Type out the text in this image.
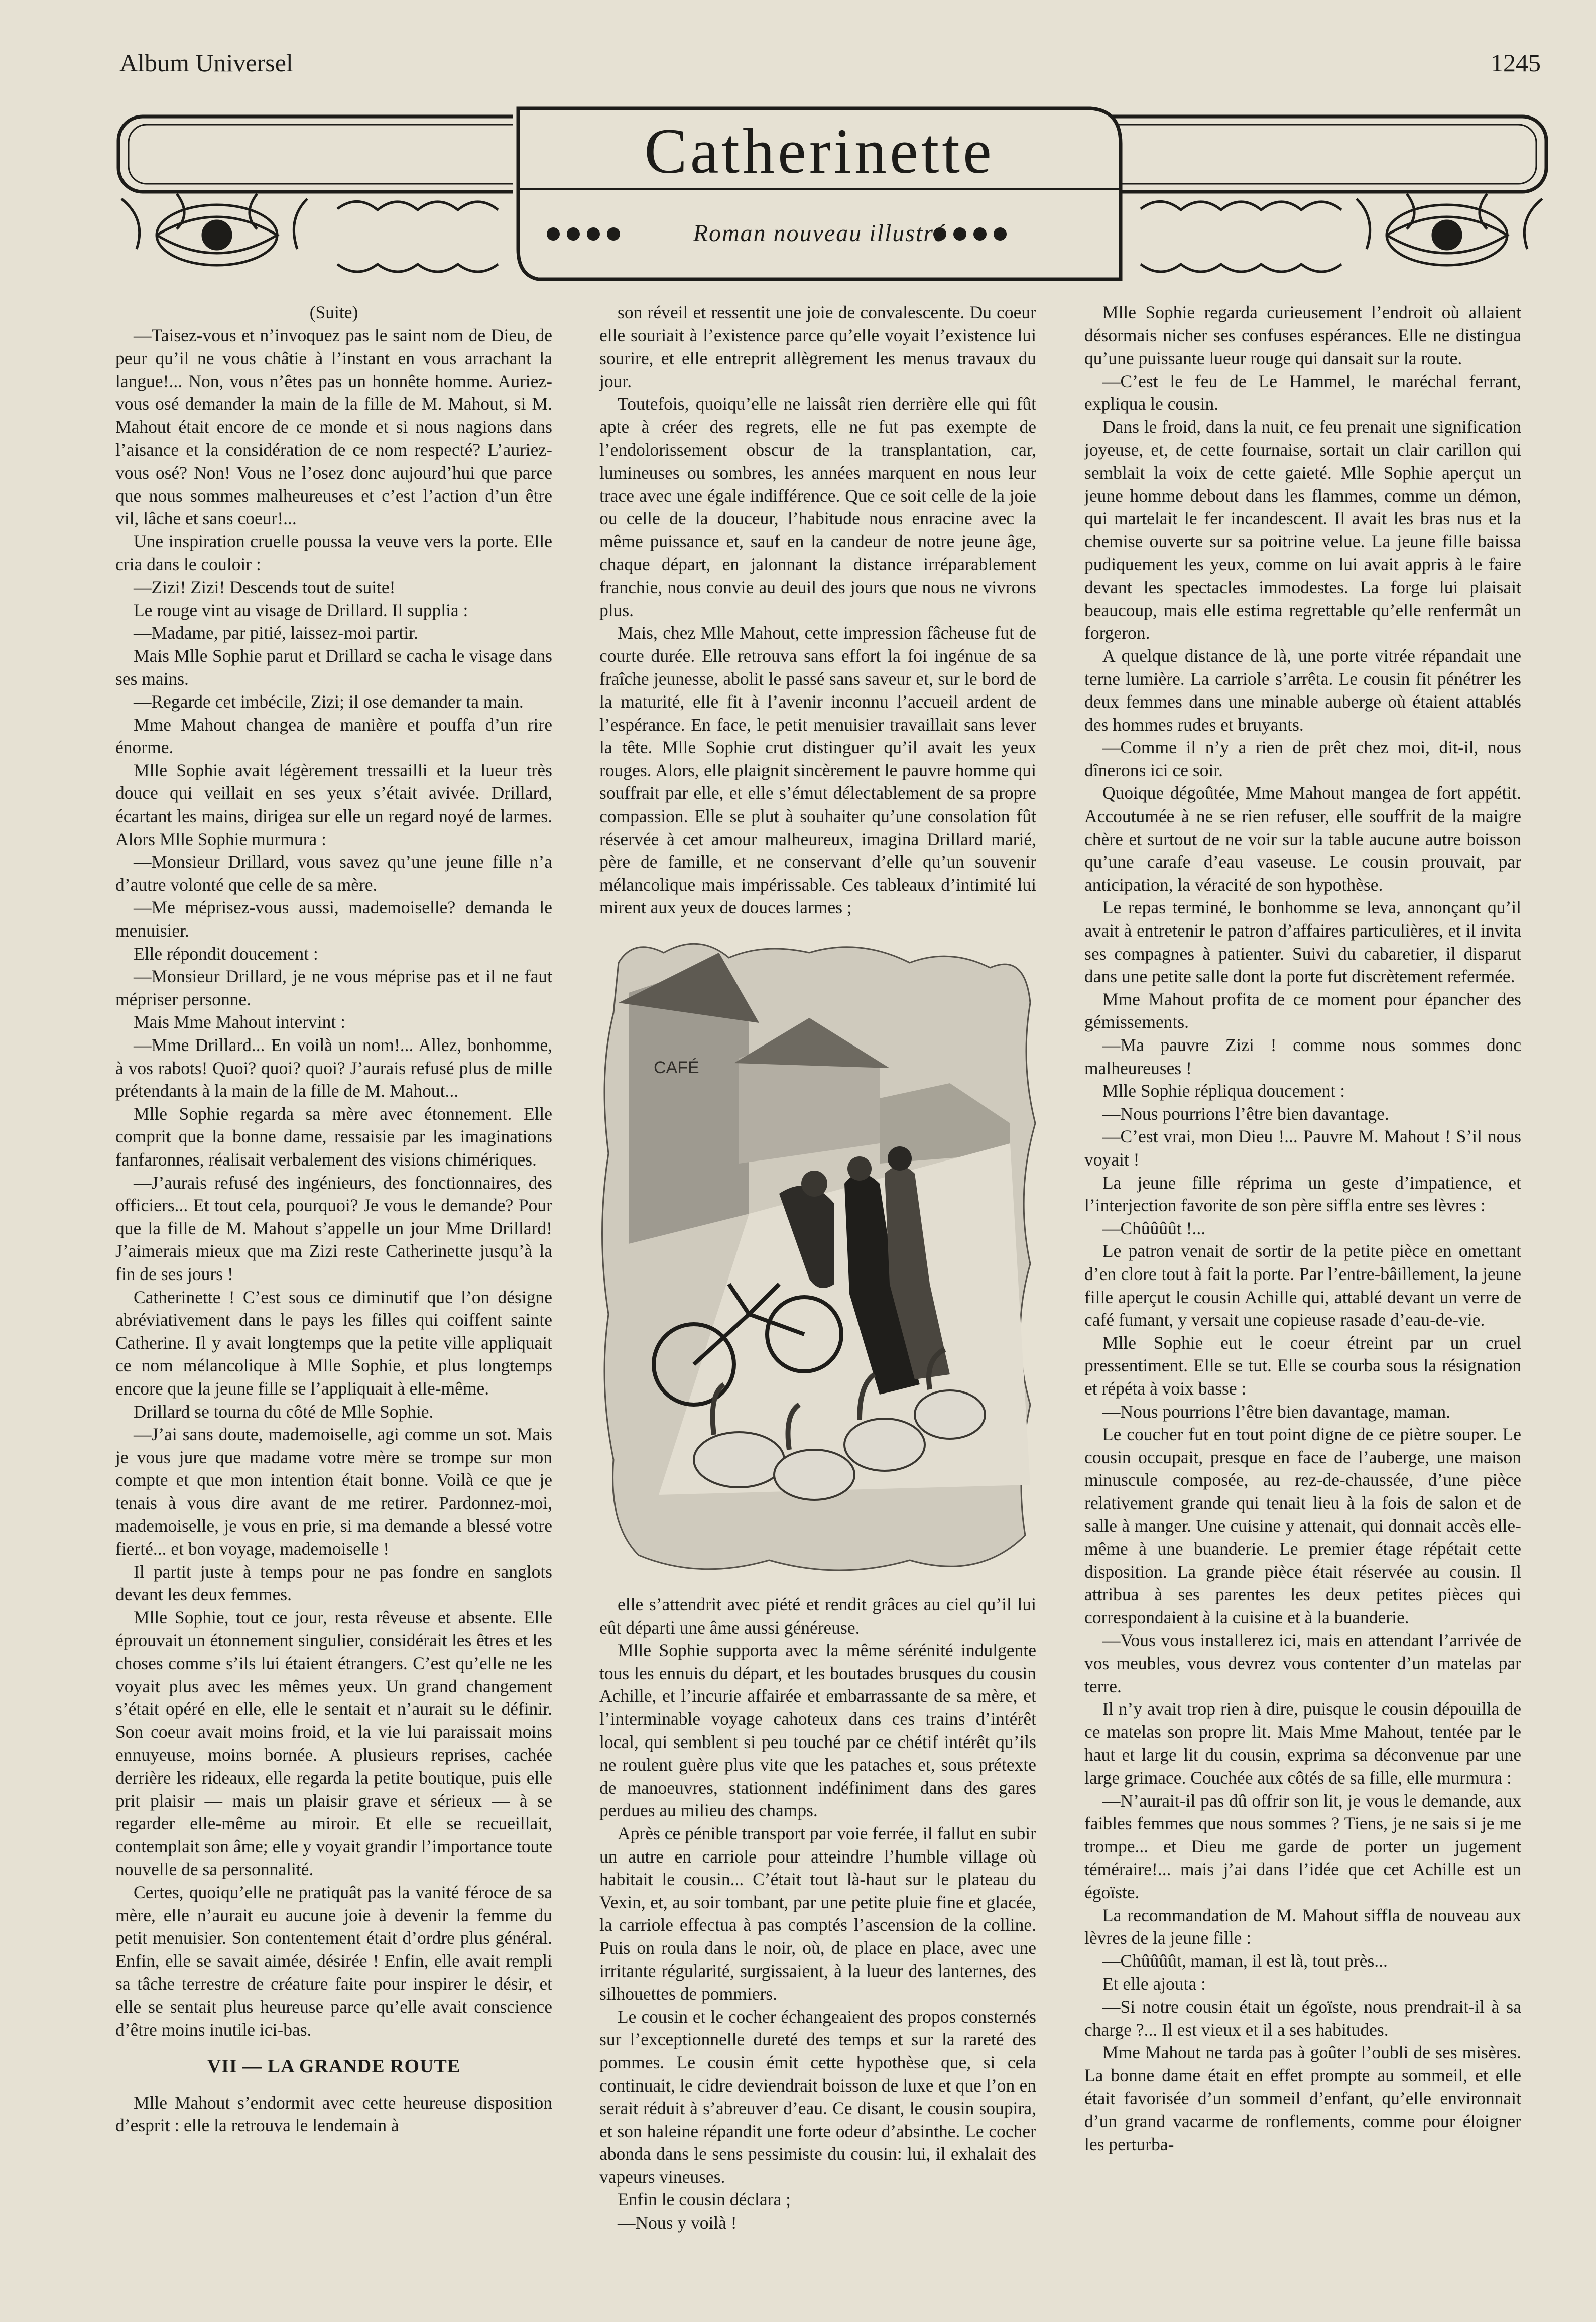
Album Universel	1245
Catherinette
Roman nouveau illustré

(Suite)

—Taisez-vous et n’invoquez pas le saint nom de Dieu, de peur qu’il ne vous châtie à l’instant en vous arrachant la langue!... Non, vous n’êtes pas un honnête homme. Auriez-vous osé demander la main de la fille de M. Mahout, si M. Mahout était encore de ce monde et si nous nagions dans l’aisance et la considération de ce nom respecté? L’auriez-vous osé? Non! Vous ne l’osez donc aujourd’hui que parce que nous sommes malheureuses et c’est l’action d’un être vil, lâche et sans coeur!...

Une inspiration cruelle poussa la veuve vers la porte. Elle cria dans le couloir :

—Zizi! Zizi! Descends tout de suite!

Le rouge vint au visage de Drillard. Il supplia :

—Madame, par pitié, laissez-moi partir.

Mais Mlle Sophie parut et Drillard se cacha le visage dans ses mains.

—Regarde cet imbécile, Zizi; il ose demander ta main.

Mme Mahout changea de manière et pouffa d’un rire énorme.

Mlle Sophie avait légèrement tressailli et la lueur très douce qui veillait en ses yeux s’était avivée. Drillard, écartant les mains, dirigea sur elle un regard noyé de larmes. Alors Mlle Sophie murmura :

—Monsieur Drillard, vous savez qu’une jeune fille n’a d’autre volonté que celle de sa mère.

—Me méprisez-vous aussi, mademoiselle? demanda le menuisier.

Elle répondit doucement :

—Monsieur Drillard, je ne vous méprise pas et il ne faut mépriser personne.

Mais Mme Mahout intervint :

—Mme Drillard... En voilà un nom!... Allez, bonhomme, à vos rabots! Quoi? quoi? quoi? J’aurais refusé plus de mille prétendants à la main de la fille de M. Mahout...

Mlle Sophie regarda sa mère avec étonnement. Elle comprit que la bonne dame, ressaisie par les imaginations fanfaronnes, réalisait verbalement des visions chimériques.

—J’aurais refusé des ingénieurs, des fonctionnaires, des officiers... Et tout cela, pourquoi? Je vous le demande? Pour que la fille de M. Mahout s’appelle un jour Mme Drillard! J’aimerais mieux que ma Zizi reste Catherinette jusqu’à la fin de ses jours !

Catherinette ! C’est sous ce diminutif que l’on désigne abréviativement dans le pays les filles qui coiffent sainte Catherine. Il y avait longtemps que la petite ville appliquait ce nom mélancolique à Mlle Sophie, et plus longtemps encore que la jeune fille se l’appliquait à elle-même.

Drillard se tourna du côté de Mlle Sophie.

—J’ai sans doute, mademoiselle, agi comme un sot. Mais je vous jure que madame votre mère se trompe sur mon compte et que mon intention était bonne. Voilà ce que je tenais à vous dire avant de me retirer. Pardonnez-moi, mademoiselle, je vous en prie, si ma demande a blessé votre fierté... et bon voyage, mademoiselle !

Il partit juste à temps pour ne pas fondre en sanglots devant les deux femmes.

Mlle Sophie, tout ce jour, resta rêveuse et absente. Elle éprouvait un étonnement singulier, considérait les êtres et les choses comme s’ils lui étaient étrangers. C’est qu’elle ne les voyait plus avec les mêmes yeux. Un grand changement s’était opéré en elle, elle le sentait et n’aurait su le définir. Son coeur avait moins froid, et la vie lui paraissait moins ennuyeuse, moins bornée. A plusieurs reprises, cachée derrière les rideaux, elle regarda la petite boutique, puis elle prit plaisir — mais un plaisir grave et sérieux — à se regarder elle-même au miroir. Et elle se recueillait, contemplait son âme; elle y voyait grandir l’importance toute nouvelle de sa personnalité.

Certes, quoiqu’elle ne pratiquât pas la vanité féroce de sa mère, elle n’aurait eu aucune joie à devenir la femme du petit menuisier. Son contentement était d’ordre plus général. Enfin, elle se savait aimée, désirée ! Enfin, elle avait rempli sa tâche terrestre de créature faite pour inspirer le désir, et elle se sentait plus heureuse parce qu’elle avait conscience d’être moins inutile ici-bas.

VII — LA GRANDE ROUTE

Mlle Mahout s’endormit avec cette heureuse disposition d’esprit : elle la retrouva le lendemain à

son réveil et ressentit une joie de convalescente. Du coeur elle souriait à l’existence parce qu’elle voyait l’existence lui sourire, et elle entreprit allègrement les menus travaux du jour.

Toutefois, quoiqu’elle ne laissât rien derrière elle qui fût apte à créer des regrets, elle ne fut pas exempte de l’endolorissement obscur de la transplantation, car, lumineuses ou sombres, les années marquent en nous leur trace avec une égale indifférence. Que ce soit celle de la joie ou celle de la douceur, l’habitude nous enracine avec la même puissance et, sauf en la candeur de notre jeune âge, chaque départ, en jalonnant la distance irréparablement franchie, nous convie au deuil des jours que nous ne vivrons plus.

Mais, chez Mlle Mahout, cette impression fâcheuse fut de courte durée. Elle retrouva sans effort la foi ingénue de sa fraîche jeunesse, abolit le passé sans saveur et, sur le bord de la maturité, elle fit à l’avenir inconnu l’accueil ardent de l’espérance. En face, le petit menuisier travaillait sans lever la tête. Mlle Sophie crut distinguer qu’il avait les yeux rouges. Alors, elle plaignit sincèrement le pauvre homme qui souffrait par elle, et elle s’émut délectablement de sa propre compassion. Elle se plut à souhaiter qu’une consolation fût réservée à cet amour malheureux, imagina Drillard marié, père de famille, et ne conservant d’elle qu’un souvenir mélancolique mais impérissable. Ces tableaux d’intimité lui mirent aux yeux de douces larmes ;

CAFÉ

elle s’attendrit avec piété et rendit grâces au ciel qu’il lui eût départi une âme aussi généreuse.

Mlle Sophie supporta avec la même sérénité indulgente tous les ennuis du départ, et les boutades brusques du cousin Achille, et l’incurie affairée et embarrassante de sa mère, et l’interminable voyage cahoteux dans ces trains d’intérêt local, qui semblent si peu touché par ce chétif intérêt qu’ils ne roulent guère plus vite que les pataches et, sous prétexte de manoeuvres, stationnent indéfiniment dans des gares perdues au milieu des champs.

Après ce pénible transport par voie ferrée, il fallut en subir un autre en carriole pour atteindre l’humble village où habitait le cousin... C’était tout là-haut sur le plateau du Vexin, et, au soir tombant, par une petite pluie fine et glacée, la carriole effectua à pas comptés l’ascension de la colline. Puis on roula dans le noir, où, de place en place, avec une irritante régularité, surgissaient, à la lueur des lanternes, des silhouettes de pommiers.

Le cousin et le cocher échangeaient des propos consternés sur l’exceptionnelle dureté des temps et sur la rareté des pommes. Le cousin émit cette hypothèse que, si cela continuait, le cidre deviendrait boisson de luxe et que l’on en serait réduit à s’abreuver d’eau. Ce disant, le cousin soupira, et son haleine répandit une forte odeur d’absinthe. Le cocher abonda dans le sens pessimiste du cousin: lui, il exhalait des vapeurs vineuses.

Enfin le cousin déclara ;

—Nous y voilà !

Mlle Sophie regarda curieusement l’endroit où allaient désormais nicher ses confuses espérances. Elle ne distingua qu’une puissante lueur rouge qui dansait sur la route.

—C’est le feu de Le Hammel, le maréchal ferrant, expliqua le cousin.

Dans le froid, dans la nuit, ce feu prenait une signification joyeuse, et, de cette fournaise, sortait un clair carillon qui semblait la voix de cette gaieté. Mlle Sophie aperçut un jeune homme debout dans les flammes, comme un démon, qui martelait le fer incandescent. Il avait les bras nus et la chemise ouverte sur sa poitrine velue. La jeune fille baissa pudiquement les yeux, comme on lui avait appris à le faire devant les spectacles immodestes. La forge lui plaisait beaucoup, mais elle estima regrettable qu’elle renfermât un forgeron.

A quelque distance de là, une porte vitrée répandait une terne lumière. La carriole s’arrêta. Le cousin fit pénétrer les deux femmes dans une minable auberge où étaient attablés des hommes rudes et bruyants.

—Comme il n’y a rien de prêt chez moi, dit-il, nous dînerons ici ce soir.

Quoique dégoûtée, Mme Mahout mangea de fort appétit. Accoutumée à ne se rien refuser, elle souffrit de la maigre chère et surtout de ne voir sur la table aucune autre boisson qu’une carafe d’eau vaseuse. Le cousin prouvait, par anticipation, la véracité de son hypothèse.

Le repas terminé, le bonhomme se leva, annonçant qu’il avait à entretenir le patron d’affaires particulières, et il invita ses compagnes à patienter. Suivi du cabaretier, il disparut dans une petite salle dont la porte fut discrètement refermée.

Mme Mahout profita de ce moment pour épancher des gémissements.

—Ma pauvre Zizi ! comme nous sommes donc malheureuses !

Mlle Sophie répliqua doucement :

—Nous pourrions l’être bien davantage.

—C’est vrai, mon Dieu !... Pauvre M. Mahout ! S’il nous voyait !

La jeune fille réprima un geste d’impatience, et l’interjection favorite de son père siffla entre ses lèvres :

—Chûûûût !...

Le patron venait de sortir de la petite pièce en omettant d’en clore tout à fait la porte. Par l’entre-bâillement, la jeune fille aperçut le cousin Achille qui, attablé devant un verre de café fumant, y versait une copieuse rasade d’eau-de-vie.

Mlle Sophie eut le coeur étreint par un cruel pressentiment. Elle se tut. Elle se courba sous la résignation et répéta à voix basse :

—Nous pourrions l’être bien davantage, maman.

Le coucher fut en tout point digne de ce piètre souper. Le cousin occupait, presque en face de l’auberge, une maison minuscule composée, au rez-de-chaussée, d’une pièce relativement grande qui tenait lieu à la fois de salon et de salle à manger. Une cuisine y attenait, qui donnait accès elle-même à une buanderie. Le premier étage répétait cette disposition. La grande pièce était réservée au cousin. Il attribua à ses parentes les deux petites pièces qui correspondaient à la cuisine et à la buanderie.

—Vous vous installerez ici, mais en attendant l’arrivée de vos meubles, vous devrez vous contenter d’un matelas par terre.

Il n’y avait trop rien à dire, puisque le cousin dépouilla de ce matelas son propre lit. Mais Mme Mahout, tentée par le haut et large lit du cousin, exprima sa déconvenue par une large grimace. Couchée aux côtés de sa fille, elle murmura :

—N’aurait-il pas dû offrir son lit, je vous le demande, aux faibles femmes que nous sommes ? Tiens, je ne sais si je me trompe... et Dieu me garde de porter un jugement téméraire!... mais j’ai dans l’idée que cet Achille est un égoïste.

La recommandation de M. Mahout siffla de nouveau aux lèvres de la jeune fille :

—Chûûûût, maman, il est là, tout près...

Et elle ajouta :

—Si notre cousin était un égoïste, nous prendrait-il à sa charge ?... Il est vieux et il a ses habitudes.

Mme Mahout ne tarda pas à goûter l’oubli de ses misères. La bonne dame était en effet prompte au sommeil, et elle était favorisée d’un sommeil d’enfant, qu’elle environnait d’un grand vacarme de ronflements, comme pour éloigner les perturba-
